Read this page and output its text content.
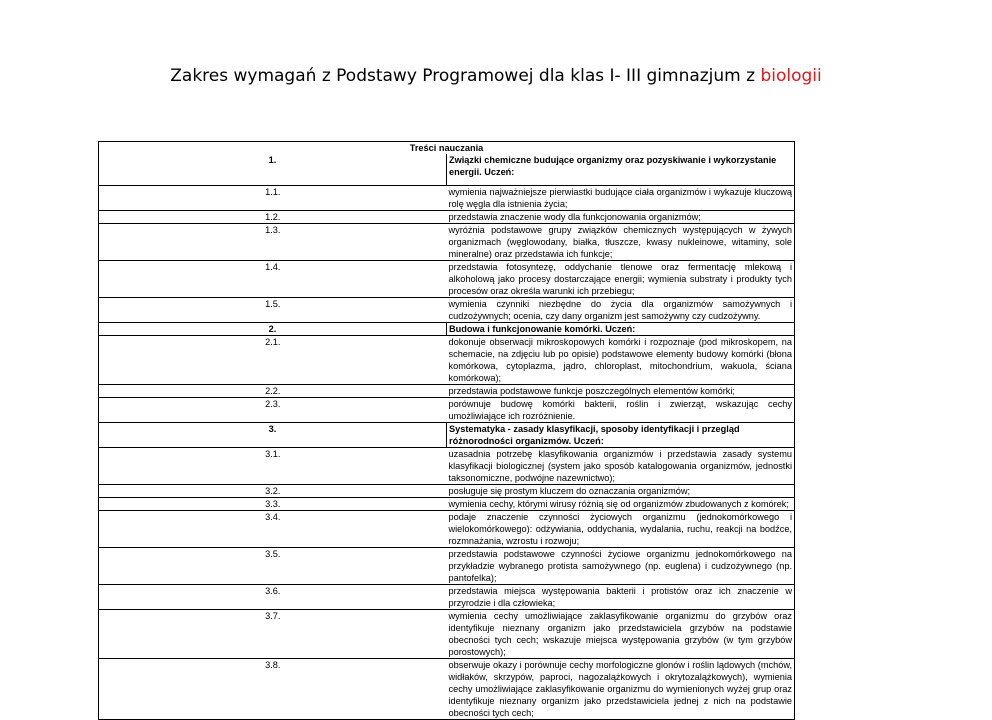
Zakres wymagań z Podstawy Programowej dla klas I- III gimnazjum z biologii
Treści nauczania	
1.	Związki chemiczne budujące organizmy oraz pozyskiwanie i wykorzystanie energii. Uczeń:
1.1.	wymienia najważniejsze pierwiastki budujące ciała organizmów i wykazuje kluczową rolę węgla dla istnienia życia;
1.2.	przedstawia znaczenie wody dla funkcjonowania organizmów;
1.3.	wyróżnia podstawowe grupy związków chemicznych występujących w żywych organizmach (węglowodany, białka, tłuszcze, kwasy nukleinowe, witaminy, sole mineralne) oraz przedstawia ich funkcje;
1.4.	przedstawia fotosyntezę, oddychanie tlenowe oraz fermentację mlekową i alkoholową jako procesy dostarczające energii; wymienia substraty i produkty tych procesów oraz określa warunki ich przebiegu;
1.5.	wymienia czynniki niezbędne do życia dla organizmów samożywnych i cudzożywnych; ocenia, czy dany organizm jest samożywny czy cudzożywny.
2.	Budowa i funkcjonowanie komórki. Uczeń:
2.1.	dokonuje obserwacji mikroskopowych komórki i rozpoznaje (pod mikroskopem, na schemacie, na zdjęciu lub po opisie) podstawowe elementy budowy komórki (błona komórkowa, cytoplazma, jądro, chloroplast, mitochondrium, wakuola, ściana komórkowa);
2.2.	przedstawia podstawowe funkcje poszczególnych elementów komórki;
2.3.	porównuje budowę komórki bakterii, roślin i zwierząt, wskazując cechy umożliwiające ich rozróżnienie.
3.	Systematyka - zasady klasyfikacji, sposoby identyfikacji i przegląd różnorodności organizmów. Uczeń:
3.1.	uzasadnia potrzebę klasyfikowania organizmów i przedstawia zasady systemu klasyfikacji biologicznej (system jako sposób katalogowania organizmów, jednostki taksonomiczne, podwójne nazewnictwo);
3.2.	posługuje się prostym kluczem do oznaczania organizmów;
3.3.	wymienia cechy, którymi wirusy różnią się od organizmów zbudowanych z komórek;
3.4.	podaje znaczenie czynności życiowych organizmu (jednokomórkowego i wielokomórkowego): odżywiania, oddychania, wydalania, ruchu, reakcji na bodźce, rozmnażania, wzrostu i rozwoju;
3.5.	przedstawia podstawowe czynności życiowe organizmu jednokomórkowego na przykładzie wybranego protista samożywnego (np. euglena) i cudzożywnego (np. pantofelka);
3.6.	przedstawia miejsca występowania bakterii i protistów oraz ich znaczenie w przyrodzie i dla człowieka;
3.7.	wymienia cechy umożliwiające zaklasyfikowanie organizmu do grzybów oraz identyfikuje nieznany organizm jako przedstawiciela grzybów na podstawie obecności tych cech; wskazuje miejsca występowania grzybów (w tym grzybów porostowych);
3.8.	obserwuje okazy i porównuje cechy morfologiczne glonów i roślin lądowych (mchów, widłaków, skrzypów, paproci, nagozalążkowych i okrytozalążkowych), wymienia cechy umożliwiające zaklasyfikowanie organizmu do wymienionych wyżej grup oraz identyfikuje nieznany organizm jako przedstawiciela jednej z nich na podstawie obecności tych cech;
